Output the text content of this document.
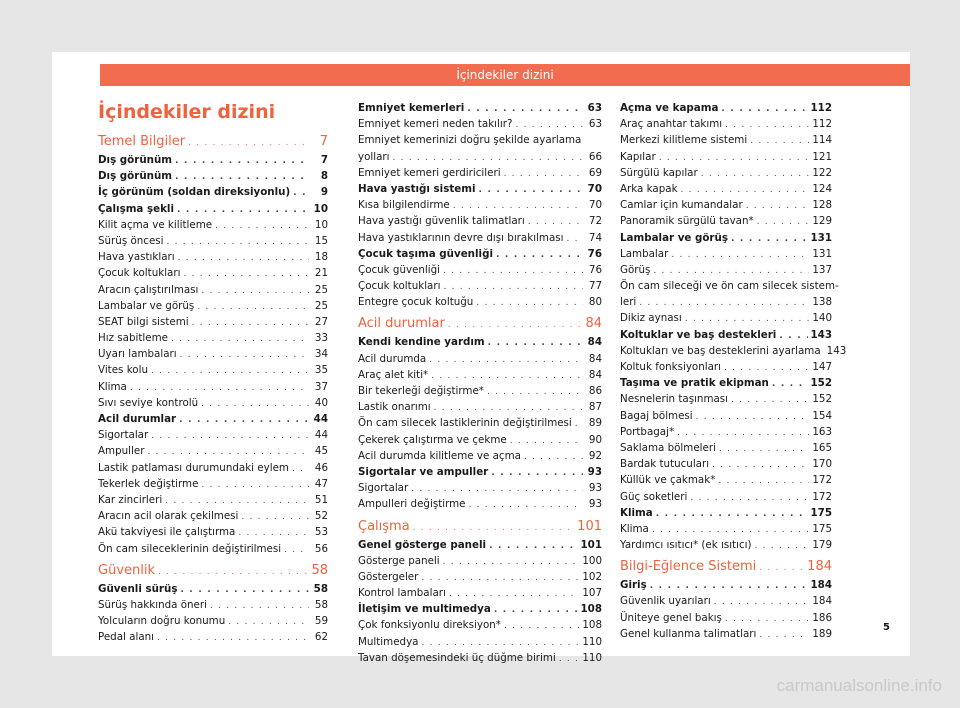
İçindekiler dizini
İçindekiler dizini
Temel Bilgiler . . .	7
Dış görünüm . . .	7
Dış görünüm . . .	8
İç görünüm (soldan direksiyonlu) . . .	9
Çalışma şekli . . .	10
Kilit açma ve kilitleme . . .	10
Sürüş öncesi . . .	15
Hava yastıkları . . .	18
Çocuk koltukları . . .	21
Aracın çalıştırılması . . .	25
Lambalar ve görüş . . .	25
SEAT bilgi sistemi . . .	27
Hız sabitleme . . .	33
Uyarı lambaları . . .	34
Vites kolu . . .	35
Klima . . .	37
Sıvı seviye kontrolü . . .	40
Acil durumlar . . .	44
Sigortalar . . .	44
Ampuller . . .	45
Lastik patlaması durumundaki eylem . . .	46
Tekerlek değiştirme . . .	47
Kar zincirleri . . .	51
Aracın acil olarak çekilmesi . . .	52
Akü takviyesi ile çalıştırma . . .	53
Ön cam sileceklerinin değiştirilmesi . . .	56
Güvenlik . . .	58
Güvenli sürüş . . .	58
Sürüş hakkında öneri . . .	58
Yolcuların doğru konumu . . .	59
Pedal alanı . . .	62
Emniyet kemerleri . . .	63
Emniyet kemeri neden takılır? . . .	63
Emniyet kemerinizi doğru şekilde ayarlama
yolları . . .	66
Emniyet kemeri gerdiricileri . . .	69
Hava yastığı sistemi . . .	70
Kısa bilgilendirme . . .	70
Hava yastığı güvenlik talimatları . . .	72
Hava yastıklarının devre dışı bırakılması . . . 74
Çocuk taşıma güvenliği . . .	76
Çocuk güvenliği . . .	76
Çocuk koltukları . . .	77
Entegre çocuk koltuğu . . .	80
Acil durumlar . . .	84
Kendi kendine yardım . . .	84
Acil durumda . . .	84
Araç alet kiti* . . .	84
Bir tekerleği değiştirme* . . .	86
Lastik onarımı . . .	87
Ön cam silecek lastiklerinin değiştirilmesi . . . 89
Çekerek çalıştırma ve çekme . . .	90
Acil durumda kilitleme ve açma . . .	92
Sigortalar ve ampuller . . .	93
Sigortalar . . .	93
Ampulleri değiştirme . . .	93
Çalışma . . .	101
Genel gösterge paneli . . .	101
Gösterge paneli . . .	100
Göstergeler . . .	102
Kontrol lambaları . . .	107
İletişim ve multimedya . . .	108
Çok fonksiyonlu direksiyon* . . .	108
Multimedya . . .	110
Tavan döşemesindeki üç düğme birimi . . .	110
Açma ve kapama . . .	112
Araç anahtar takımı . . .	112
Merkezi kilitleme sistemi . . .	114
Kapılar . . .	121
Sürgülü kapılar . . .	122
Arka kapak . . .	124
Camlar için kumandalar . . .	128
Panoramik sürgülü tavan* . . .	129
Lambalar ve görüş . . .	131
Lambalar . . .	131
Görüş . . .	137
Ön cam sileceği ve ön cam silecek sistem-
leri . . .	138
Dikiz aynası . . .	140
Koltuklar ve baş destekleri . . .	143
Koltukları ve baş desteklerini ayarlama 143
Koltuk fonksiyonları . . .	147
Taşıma ve pratik ekipman . . .	152
Nesnelerin taşınması . . .	152
Bagaj bölmesi . . .	154
Portbagaj* . . .	163
Saklama bölmeleri . . .	165
Bardak tutucuları . . .	170
Küllük ve çakmak* . . .	172
Güç soketleri . . .	172
Klima . . .	175
Klima . . .	175
Yardımcı ısıtıcı* (ek ısıtıcı) . . .	179
Bilgi-Eğlence Sistemi . . .	184
Giriş . . .	184
Güvenlik uyarıları . . .	184
Üniteye genel bakış . . .	186
Genel kullanma talimatları . . .	189
5
carmanualsonline.info
